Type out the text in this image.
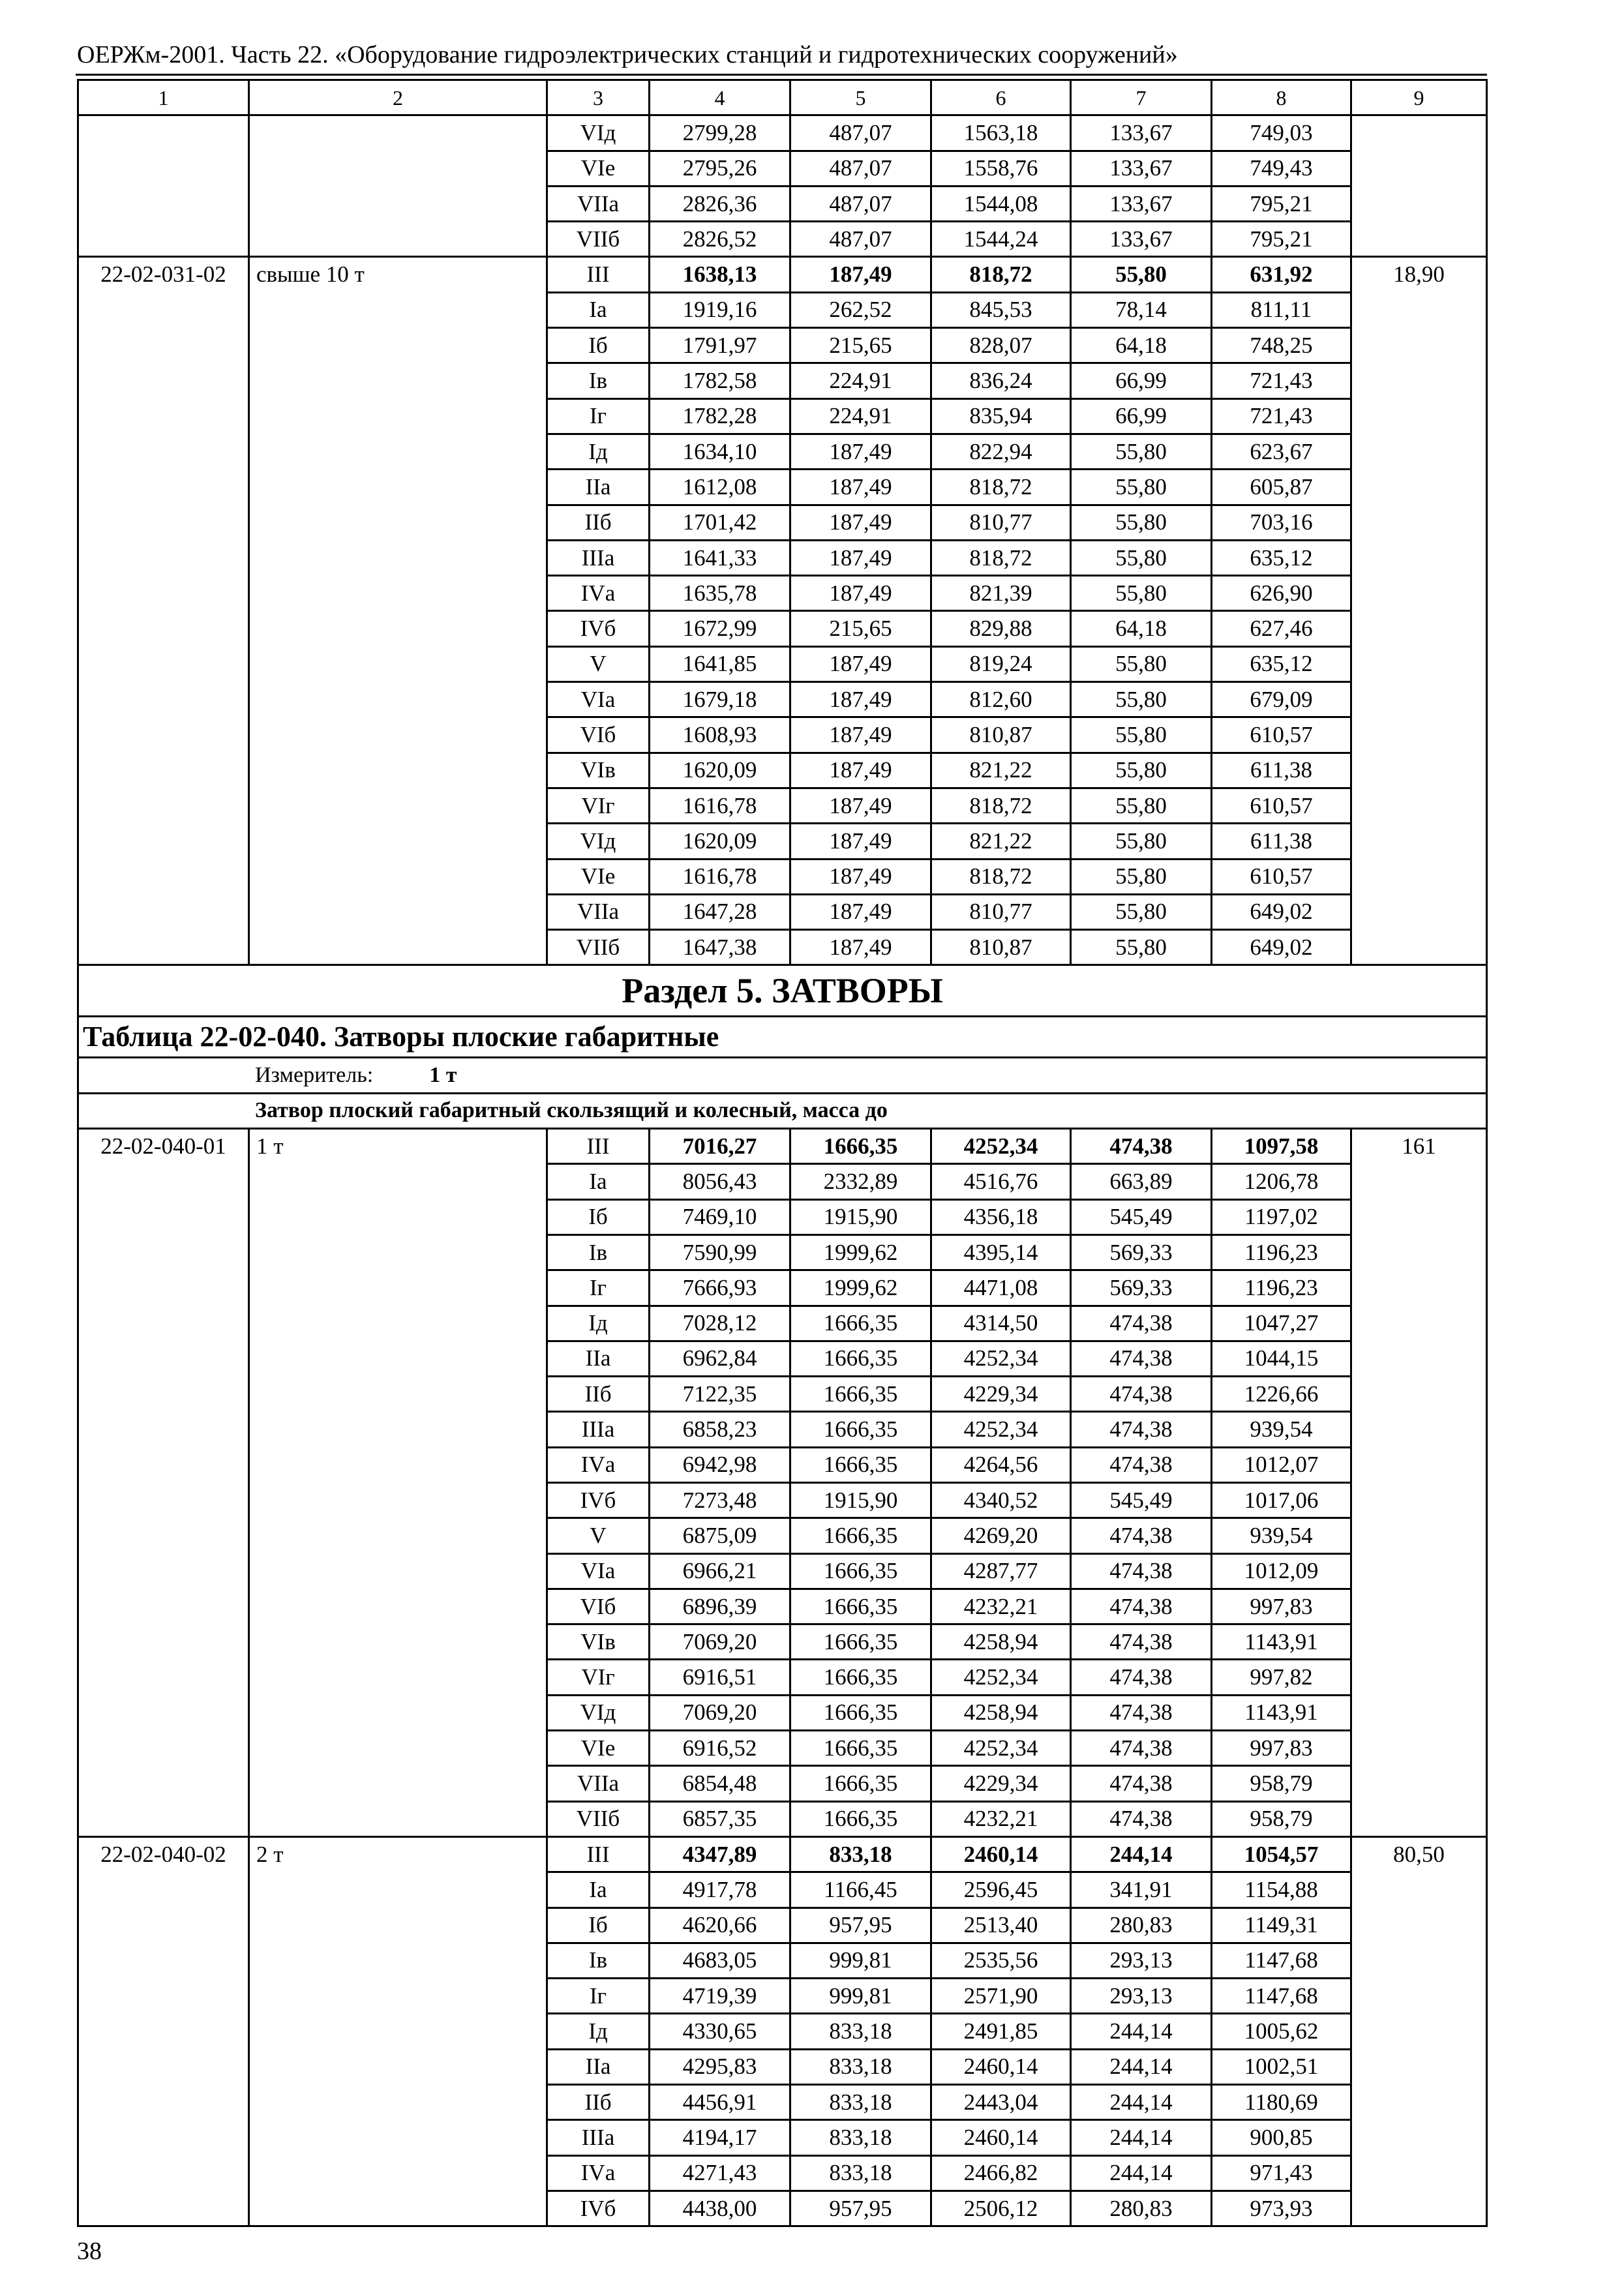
ОЕРЖм-2001. Часть 22. «Оборудование гидроэлектрических станций и гидротехнических сооружений»
1	2	3	4	5	6	7	8	9
		VIд	2799,28	487,07	1563,18	133,67	749,03	
		VIе	2795,26	487,07	1558,76	133,67	749,43	
		VIIа	2826,36	487,07	1544,08	133,67	795,21	
		VIIб	2826,52	487,07	1544,24	133,67	795,21	
22-02-031-02	свыше 10 т	III	1638,13	187,49	818,72	55,80	631,92	18,90
		Iа	1919,16	262,52	845,53	78,14	811,11	
		Iб	1791,97	215,65	828,07	64,18	748,25	
		Iв	1782,58	224,91	836,24	66,99	721,43	
		Iг	1782,28	224,91	835,94	66,99	721,43	
		Iд	1634,10	187,49	822,94	55,80	623,67	
		IIа	1612,08	187,49	818,72	55,80	605,87	
		IIб	1701,42	187,49	810,77	55,80	703,16	
		IIIа	1641,33	187,49	818,72	55,80	635,12	
		IVа	1635,78	187,49	821,39	55,80	626,90	
		IVб	1672,99	215,65	829,88	64,18	627,46	
		V	1641,85	187,49	819,24	55,80	635,12	
		VIа	1679,18	187,49	812,60	55,80	679,09	
		VIб	1608,93	187,49	810,87	55,80	610,57	
		VIв	1620,09	187,49	821,22	55,80	611,38	
		VIг	1616,78	187,49	818,72	55,80	610,57	
		VIд	1620,09	187,49	821,22	55,80	611,38	
		VIе	1616,78	187,49	818,72	55,80	610,57	
		VIIа	1647,28	187,49	810,77	55,80	649,02	
		VIIб	1647,38	187,49	810,87	55,80	649,02	
Раздел 5. ЗАТВОРЫ								
Таблица 22-02-040. Затворы плоские габаритные								
Измеритель: 1 т								
Затвор плоский габаритный скользящий и колесный, масса до								
22-02-040-01	1 т	III	7016,27	1666,35	4252,34	474,38	1097,58	161
		Iа	8056,43	2332,89	4516,76	663,89	1206,78	
		Iб	7469,10	1915,90	4356,18	545,49	1197,02	
		Iв	7590,99	1999,62	4395,14	569,33	1196,23	
		Iг	7666,93	1999,62	4471,08	569,33	1196,23	
		Iд	7028,12	1666,35	4314,50	474,38	1047,27	
		IIа	6962,84	1666,35	4252,34	474,38	1044,15	
		IIб	7122,35	1666,35	4229,34	474,38	1226,66	
		IIIа	6858,23	1666,35	4252,34	474,38	939,54	
		IVа	6942,98	1666,35	4264,56	474,38	1012,07	
		IVб	7273,48	1915,90	4340,52	545,49	1017,06	
		V	6875,09	1666,35	4269,20	474,38	939,54	
		VIа	6966,21	1666,35	4287,77	474,38	1012,09	
		VIб	6896,39	1666,35	4232,21	474,38	997,83	
		VIв	7069,20	1666,35	4258,94	474,38	1143,91	
		VIг	6916,51	1666,35	4252,34	474,38	997,82	
		VIд	7069,20	1666,35	4258,94	474,38	1143,91	
		VIе	6916,52	1666,35	4252,34	474,38	997,83	
		VIIа	6854,48	1666,35	4229,34	474,38	958,79	
		VIIб	6857,35	1666,35	4232,21	474,38	958,79	
22-02-040-02	2 т	III	4347,89	833,18	2460,14	244,14	1054,57	80,50
		Iа	4917,78	1166,45	2596,45	341,91	1154,88	
		Iб	4620,66	957,95	2513,40	280,83	1149,31	
		Iв	4683,05	999,81	2535,56	293,13	1147,68	
		Iг	4719,39	999,81	2571,90	293,13	1147,68	
		Iд	4330,65	833,18	2491,85	244,14	1005,62	
		IIа	4295,83	833,18	2460,14	244,14	1002,51	
		IIб	4456,91	833,18	2443,04	244,14	1180,69	
		IIIа	4194,17	833,18	2460,14	244,14	900,85	
		IVа	4271,43	833,18	2466,82	244,14	971,43	
		IVб	4438,00	957,95	2506,12	280,83	973,93	
38
